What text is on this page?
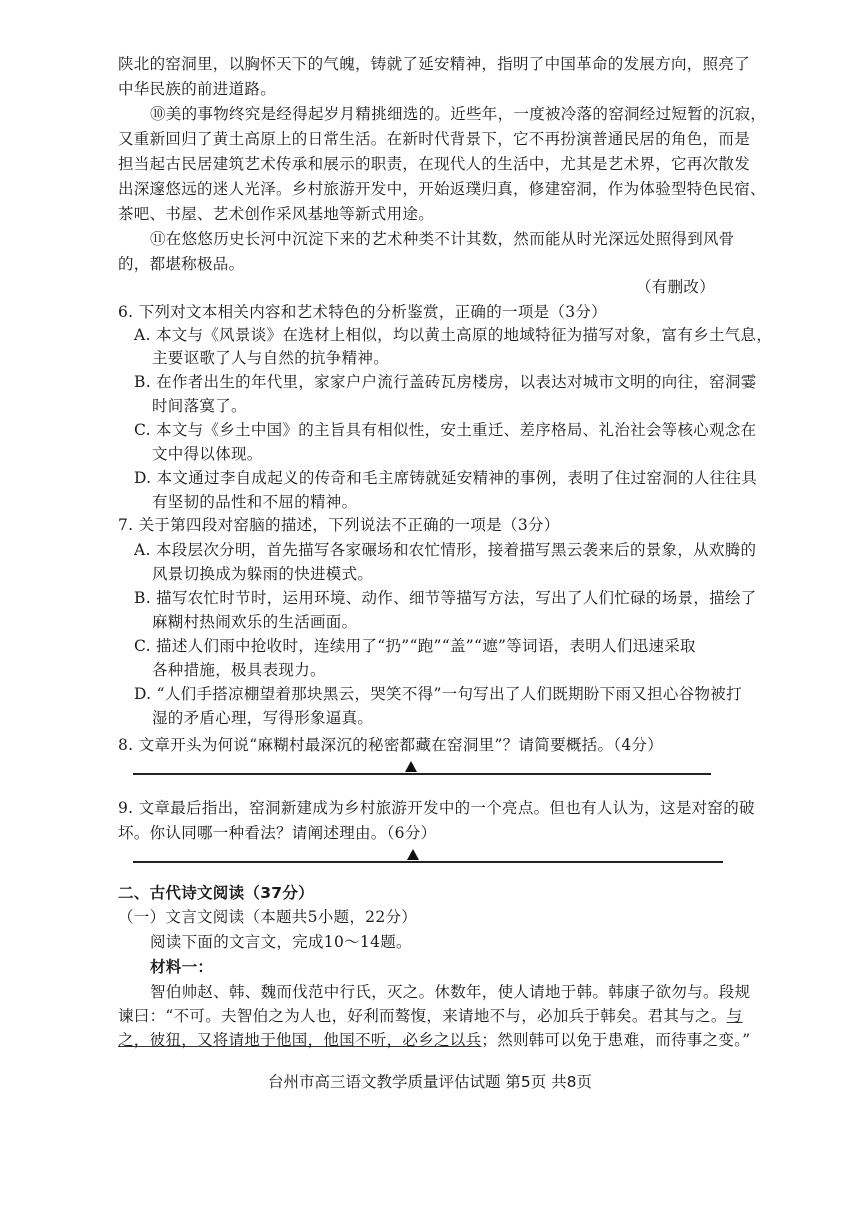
陕北的窑洞里，以胸怀天下的气魄，铸就了延安精神，指明了中国革命的发展方向，照亮了
中华民族的前进道路。
⑩美的事物终究是经得起岁月精挑细选的。近些年，一度被冷落的窑洞经过短暂的沉寂，
又重新回归了黄土高原上的日常生活。在新时代背景下，它不再扮演普通民居的角色，而是
担当起古民居建筑艺术传承和展示的职责，在现代人的生活中，尤其是艺术界，它再次散发
出深邃悠远的迷人光泽。乡村旅游开发中，开始返璞归真，修建窑洞，作为体验型特色民宿、
茶吧、书屋、艺术创作采风基地等新式用途。
⑪在悠悠历史长河中沉淀下来的艺术种类不计其数，然而能从时光深远处照得到风骨
的，都堪称极品。
（有删改）
6. 下列对文本相关内容和艺术特色的分析鉴赏，正确的一项是（3分）
A. 本文与《风景谈》在选材上相似，均以黄土高原的地域特征为描写对象，富有乡土气息，
主要讴歌了人与自然的抗争精神。
B. 在作者出生的年代里，家家户户流行盖砖瓦房楼房，以表达对城市文明的向往，窑洞霎
时间落寞了。
C. 本文与《乡土中国》的主旨具有相似性，安土重迁、差序格局、礼治社会等核心观念在
文中得以体现。
D. 本文通过李自成起义的传奇和毛主席铸就延安精神的事例，表明了住过窑洞的人往往具
有坚韧的品性和不屈的精神。
7. 关于第四段对窑脑的描述，下列说法不正确的一项是（3分）
A. 本段层次分明，首先描写各家碾场和农忙情形，接着描写黑云袭来后的景象，从欢腾的
风景切换成为躲雨的快进模式。
B. 描写农忙时节时，运用环境、动作、细节等描写方法，写出了人们忙碌的场景，描绘了
麻糊村热闹欢乐的生活画面。
C. 描述人们雨中抢收时，连续用了“扔”“跑”“盖”“遮”等词语，表明人们迅速采取
各种措施，极具表现力。
D. “人们手搭凉棚望着那块黑云，哭笑不得”一句写出了人们既期盼下雨又担心谷物被打
湿的矛盾心理，写得形象逼真。
8. 文章开头为何说“麻糊村最深沉的秘密都藏在窑洞里”？请简要概括。（4分）
9. 文章最后指出，窑洞新建成为乡村旅游开发中的一个亮点。但也有人认为，这是对窑的破
坏。你认同哪一种看法？请阐述理由。（6分）
二、古代诗文阅读（37分）
（一）文言文阅读（本题共5小题，22分）
阅读下面的文言文，完成10～14题。
材料一：
智伯帅赵、韩、魏而伐范中行氏，灭之。休数年，使人请地于韩。韩康子欲勿与。段规
谏曰：“不可。夫智伯之为人也，好利而骜愎，来请地不与，必加兵于韩矣。君其与之。与
之，彼狃，又将请地于他国，他国不听，必乡之以兵；然则韩可以免于患难，而待事之变。”
台州市高三语文教学质量评估试题 第5页 共8页
